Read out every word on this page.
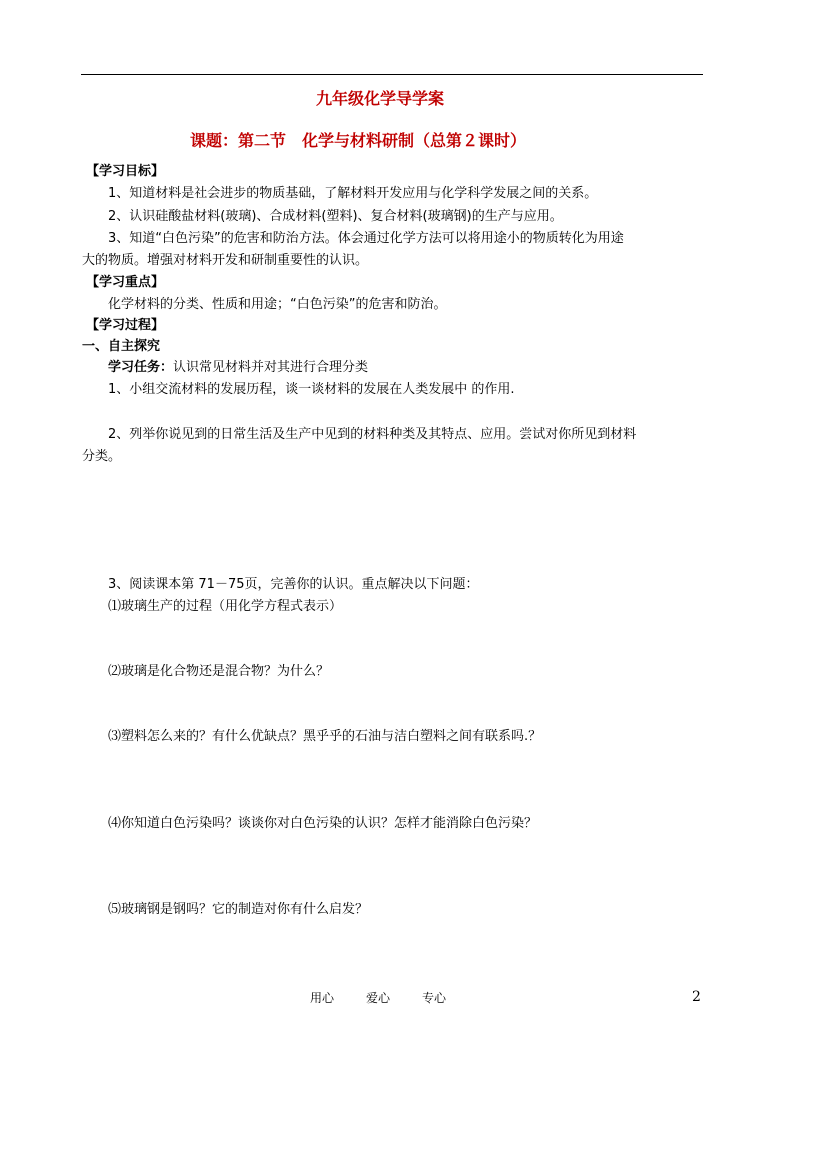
九年级化学导学案
课题：第二节　化学与材料研制（总第２课时）
【学习目标】
1、知道材料是社会进步的物质基础，了解材料开发应用与化学科学发展之间的关系。
2、认识硅酸盐材料(玻璃)、合成材料(塑料)、复合材料(玻璃钢)的生产与应用。
3、知道“白色污染”的危害和防治方法。体会通过化学方法可以将用途小的物质转化为用途
大的物质。增强对材料开发和研制重要性的认识。
【学习重点】
化学材料的分类、性质和用途；“白色污染”的危害和防治。
【学习过程】
一、自主探究
学习任务：认识常见材料并对其进行合理分类
1、小组交流材料的发展历程，谈一谈材料的发展在人类发展中 的作用.
2、列举你说见到的日常生活及生产中见到的材料种类及其特点、应用。尝试对你所见到材料
分类。
3、阅读课本第 71－75页，完善你的认识。重点解决以下问题：
⑴玻璃生产的过程（用化学方程式表示）
⑵玻璃是化合物还是混合物？为什么？
⑶塑料怎么来的？有什么优缺点？黑乎乎的石油与洁白塑料之间有联系吗.？
⑷你知道白色污染吗？谈谈你对白色污染的认识？怎样才能消除白色污染？
⑸玻璃钢是钢吗？它的制造对你有什么启发？
用心	爱心	专心	2
